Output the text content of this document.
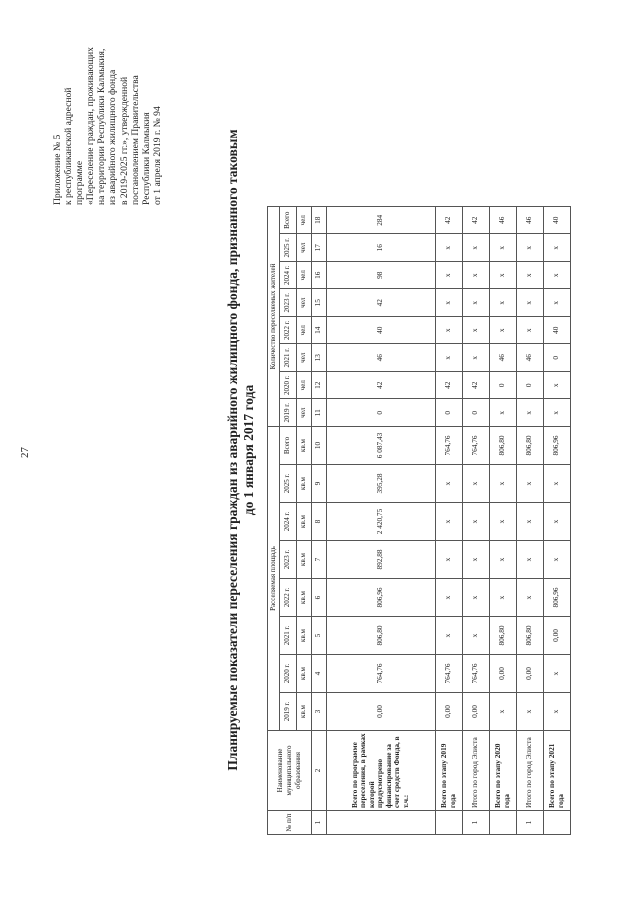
27
Приложение № 5 к республиканской адресной программе «Переселение граждан, проживающих на территории Республики Калмыкия, из аварийного жилищного фонда в 2019-2025 гг.», утвержденной постановлением Правительства Республики Калмыкия от 1 апреля 2019 г. № 94	Планируемые показатели переселения граждан из аварийного жилищного фонда, признанного таковым до 1 января 2017 года
№ п/п	Наименование муниципального образования	Расселяемая площадь								Количество переселяемых жителей							
		2019 г.	2020 г.	2021 г.	2022 г.	2023 г.	2024 г.	2025 г.	Всего	2019 г.	2020 г.	2021 г.	2022 г.	2023 г.	2024 г.	2025 г.	Всего
		кв.м	кв.м	кв.м	кв.м	кв.м	кв.м	кв.м	кв.м	чел	чел	чел	чел	чел	чел	чел	чел
1	2	3	4	5	6	7	8	9	10	11	12	13	14	15	16	17	18
	Всего по программе переселения, в рамках которой предусмотрено финансирование за счет средств Фонда, в т.ч.:	0,00	764,76	806,80	806,96	892,88	2 420,75	395,28	6 087,43	0	42	46	40	42	98	16	284
	Всего по этапу 2019 года	0,00	764,76	x	x	x	x	x	764,76	0	42	x	x	x	x	x	42
1	Итого по город Элиста	0,00	764,76	x	x	x	x	x	764,76	0	42	x	x	x	x	x	42
	Всего по этапу 2020 года	x	0,00	806,80	x	x	x	x	806,80	x	0	46	x	x	x	x	46
1	Итого по город Элиста	x	0,00	806,80	x	x	x	x	806,80	x	0	46	x	x	x	x	46
	Всего по этапу 2021 года	x	x	0,00	806,96	x	x	x	806,96	x	x	0	40	x	x	x	40
